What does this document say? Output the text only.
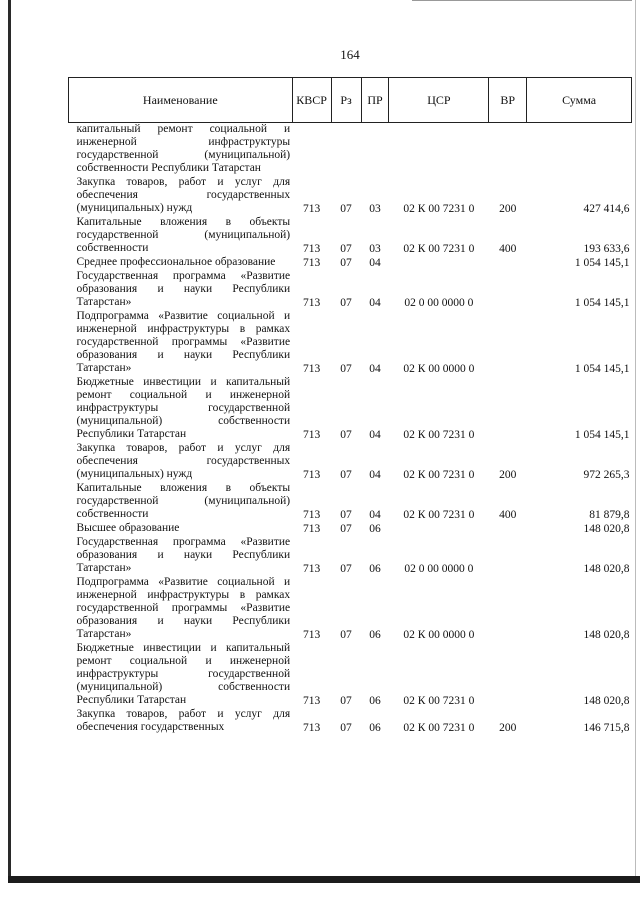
164
Наименование	КВСР	Рз	ПР	ЦСР	ВР	Сумма
капитальный ремонт социальной и инженерной инфраструктуры государственной (муниципальной) собственности Республики Татарстан						
Закупка товаров, работ и услуг для обеспечения государственных (муниципальных) нужд	713	07	03	02 К 00 7231 0	200	427 414,6
Капитальные вложения в объекты государственной (муниципальной) собственности	713	07	03	02 К 00 7231 0	400	193 633,6
Среднее профессиональное образование	713	07	04			1 054 145,1
Государственная программа «Развитие образования и науки Республики Татарстан»	713	07	04	02 0 00 0000 0		1 054 145,1
Подпрограмма «Развитие социальной и инженерной инфраструктуры в рамках государственной программы «Развитие образования и науки Республики Татарстан»	713	07	04	02 К 00 0000 0		1 054 145,1
Бюджетные инвестиции и капитальный ремонт социальной и инженерной инфраструктуры государственной (муниципальной) собственности Республики Татарстан	713	07	04	02 К 00 7231 0		1 054 145,1
Закупка товаров, работ и услуг для обеспечения государственных (муниципальных) нужд	713	07	04	02 К 00 7231 0	200	972 265,3
Капитальные вложения в объекты государственной (муниципальной) собственности	713	07	04	02 К 00 7231 0	400	81 879,8
Высшее образование	713	07	06			148 020,8
Государственная программа «Развитие образования и науки Республики Татарстан»	713	07	06	02 0 00 0000 0		148 020,8
Подпрограмма «Развитие социальной и инженерной инфраструктуры в рамках государственной программы «Развитие образования и науки Республики Татарстан»	713	07	06	02 К 00 0000 0		148 020,8
Бюджетные инвестиции и капитальный ремонт социальной и инженерной инфраструктуры государственной (муниципальной) собственности Республики Татарстан	713	07	06	02 К 00 7231 0		148 020,8
Закупка товаров, работ и услуг для обеспечения государственных	713	07	06	02 К 00 7231 0	200	146 715,8
